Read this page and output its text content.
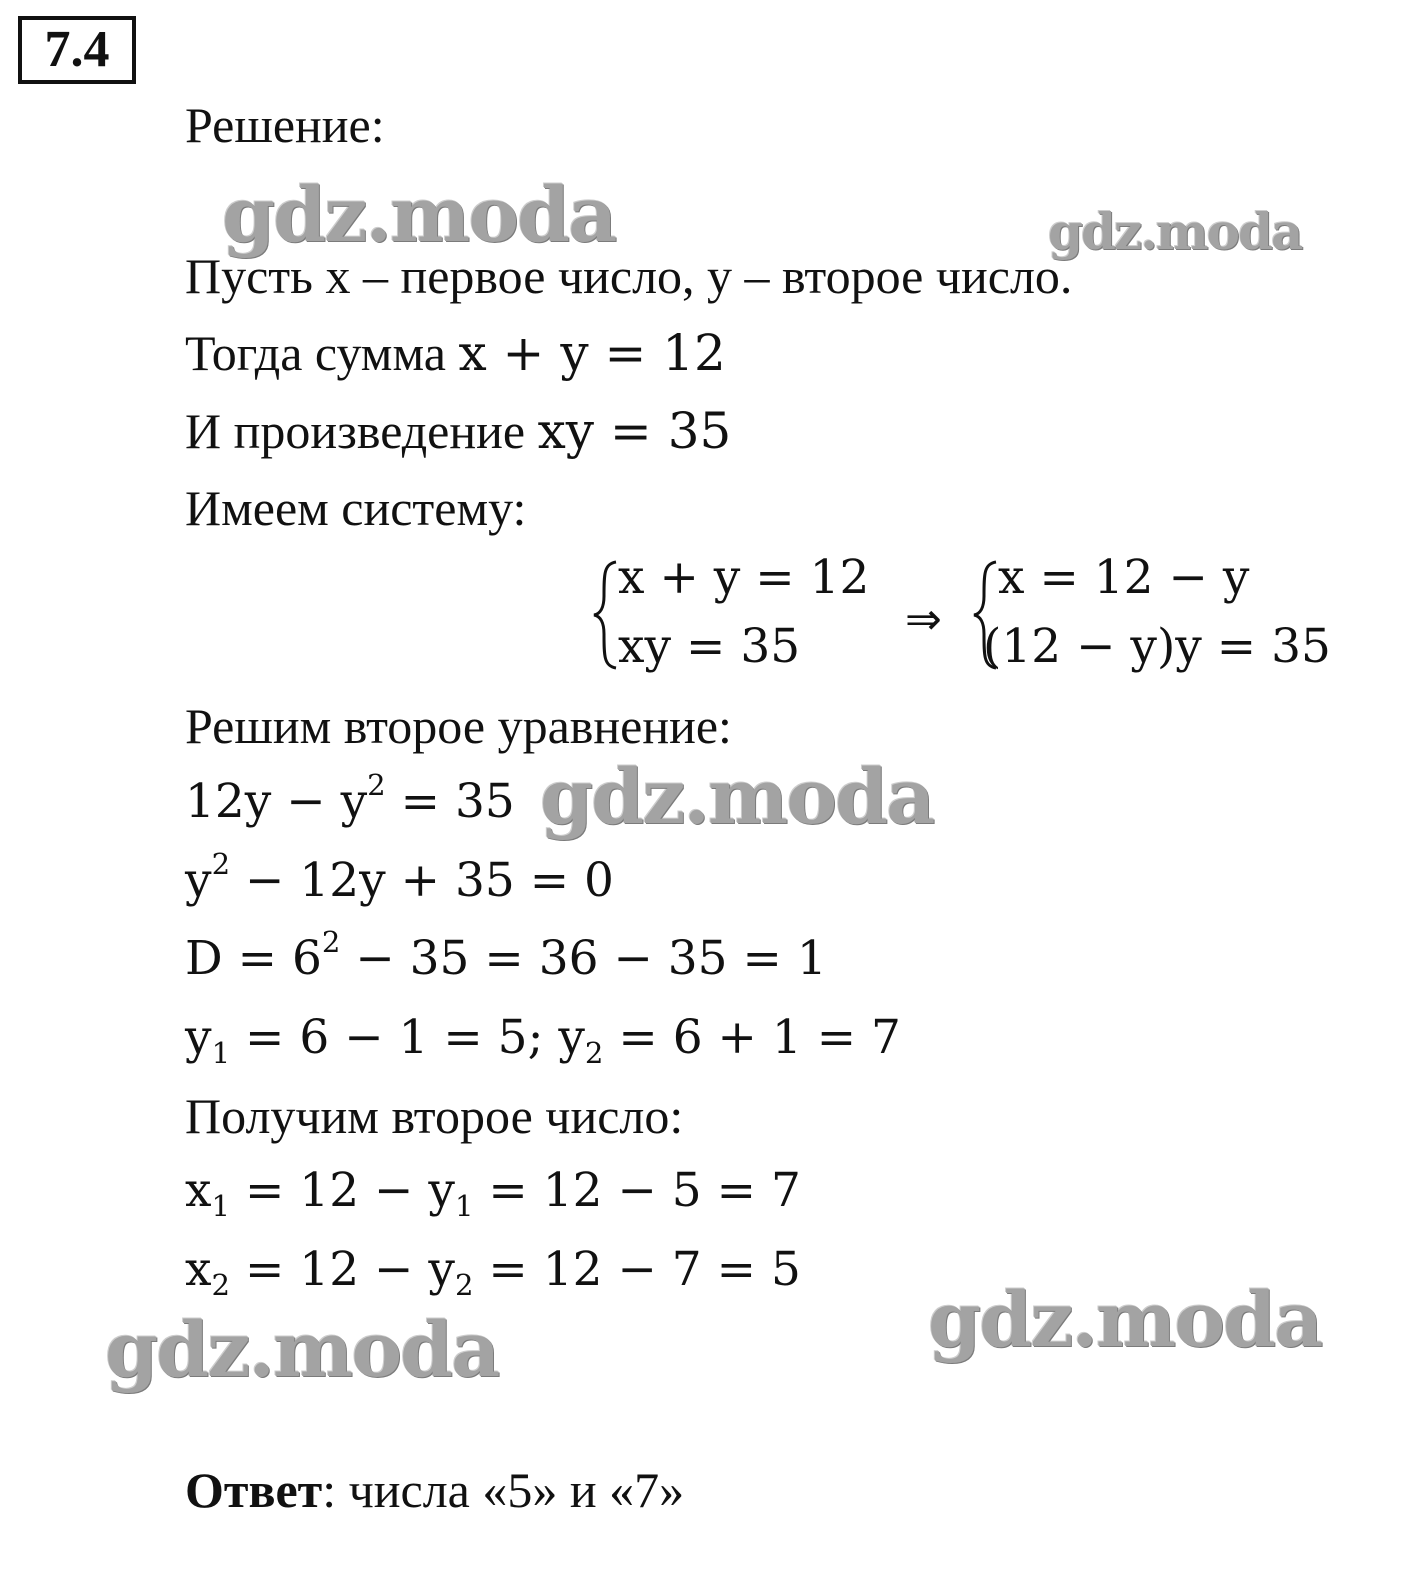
7.4
Решение:
Пусть x – первое число, y – второе число.
Тогда сумма x + y = 12
И произведение xy = 35
Имеем систему:
x + y = 12
xy = 35 ⇒
x = 12 − y
(12 − y)y = 35
Решим второе уравнение:
$12y - y^2 = 35$
$y^2 - 12y + 35 = 0$
$D = 6^2 - 35 = 36 - 35 = 1$
$y_1 = 6 - 1 = 5$; $y_2 = 6 + 1 = 7$
Получим второе число:
$x_1 = 12 - y_1 = 12 - 5 = 7$
$x_2 = 12 - y_2 = 12 - 7 = 5$
Ответ: числа «5» и «7»
gdz.moda	gdz.moda
gdz.moda
gdz.moda
gdz.moda
